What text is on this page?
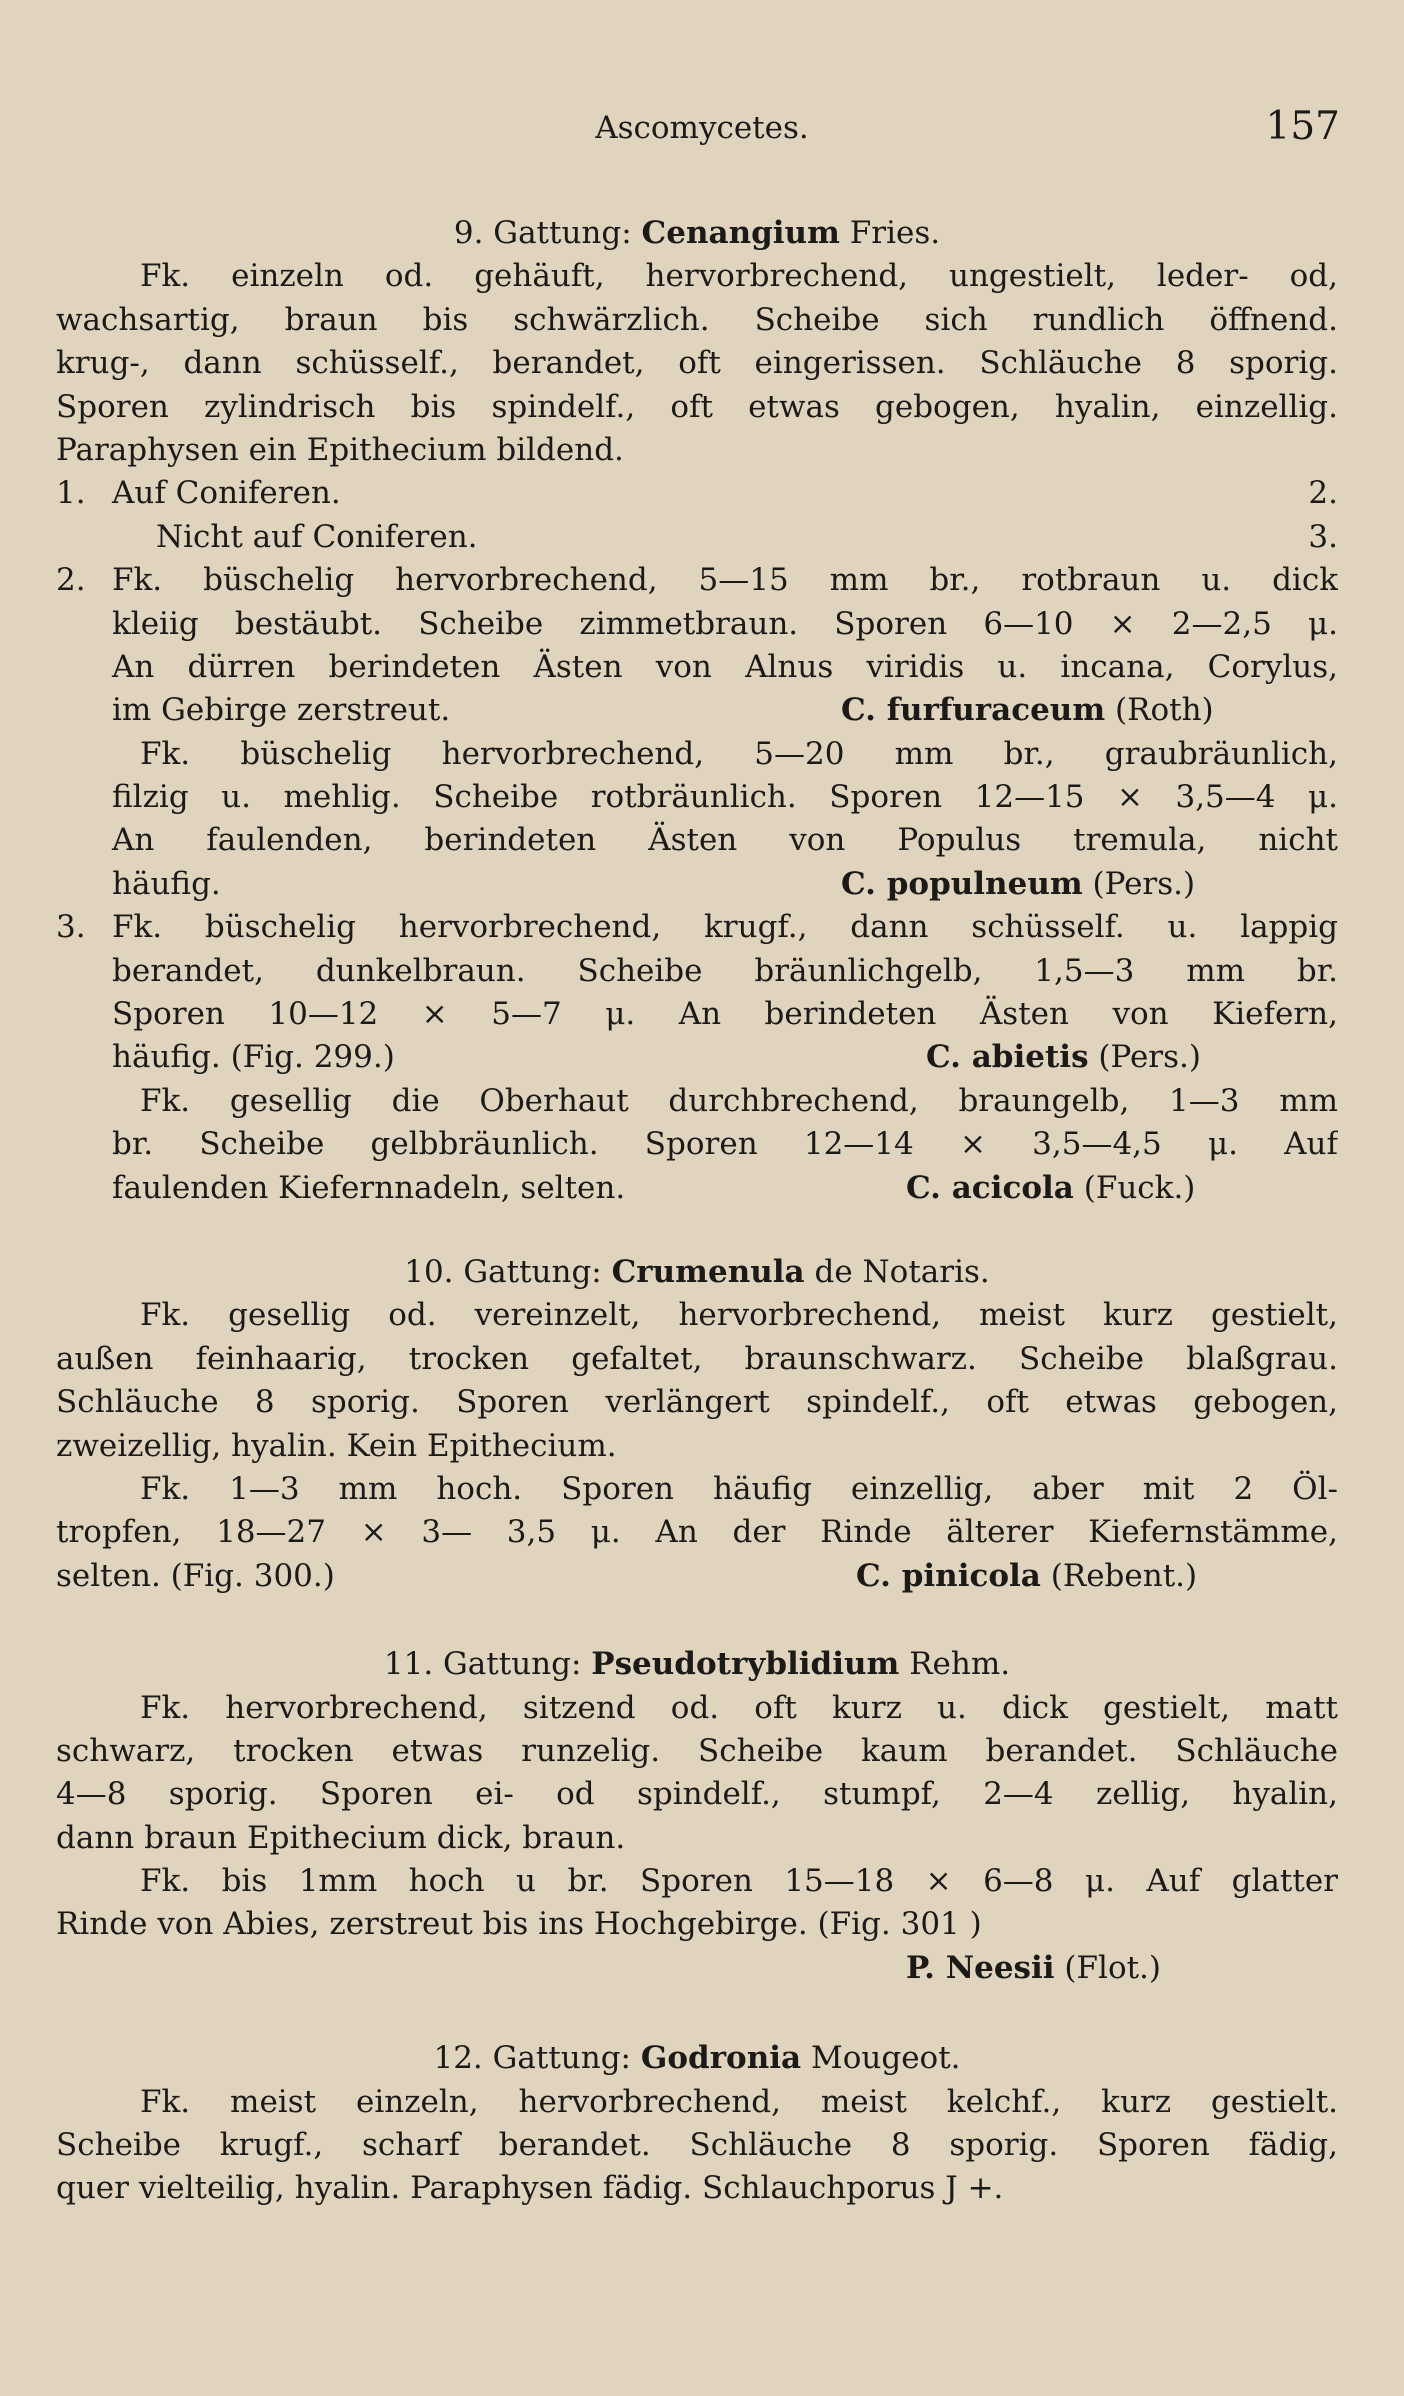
Ascomycetes.	157
9. Gattung: Cenangium Fries.
Fk. einzeln od. gehäuft, hervorbrechend, ungestielt, leder- od,
wachsartig, braun bis schwärzlich. Scheibe sich rundlich öffnend.
krug-, dann schüsself., berandet, oft eingerissen. Schläuche 8 sporig.
Sporen zylindrisch bis spindelf., oft etwas gebogen, hyalin, einzellig.
Paraphysen ein Epithecium bildend.
1. Auf Coniferen.	2.
Nicht auf Coniferen.	3.
2. Fk. büschelig hervorbrechend, 5—15 mm br., rotbraun u. dick
kleiig bestäubt. Scheibe zimmetbraun. Sporen 6—10 × 2—2,5 μ.
An dürren berindeten Ästen von Alnus viridis u. incana, Corylus,
im Gebirge zerstreut.	C. furfuraceum (Roth)
Fk. büschelig hervorbrechend, 5—20 mm br., graubräunlich,
filzig u. mehlig. Scheibe rotbräunlich. Sporen 12—15 × 3,5—4 μ.
An faulenden, berindeten Ästen von Populus tremula, nicht
häufig.	C. populneum (Pers.)
3. Fk. büschelig hervorbrechend, krugf., dann schüsself. u. lappig
berandet, dunkelbraun. Scheibe bräunlichgelb, 1,5—3 mm br.
Sporen 10—12 × 5—7 μ. An berindeten Ästen von Kiefern,
häufig. (Fig. 299.)	C. abietis (Pers.)
Fk. gesellig die Oberhaut durchbrechend, braungelb, 1—3 mm
br. Scheibe gelbbräunlich. Sporen 12—14 × 3,5—4,5 μ. Auf
faulenden Kiefernnadeln, selten.	C. acicola (Fuck.)
10. Gattung: Crumenula de Notaris.
Fk. gesellig od. vereinzelt, hervorbrechend, meist kurz gestielt,
außen feinhaarig, trocken gefaltet, braunschwarz. Scheibe blaßgrau.
Schläuche 8 sporig. Sporen verlängert spindelf., oft etwas gebogen,
zweizellig, hyalin. Kein Epithecium.
Fk. 1—3 mm hoch. Sporen häufig einzellig, aber mit 2 Öl-
tropfen, 18—27 × 3— 3,5 μ. An der Rinde älterer Kiefernstämme,
selten. (Fig. 300.)	C. pinicola (Rebent.)
11. Gattung: Pseudotryblidium Rehm.
Fk. hervorbrechend, sitzend od. oft kurz u. dick gestielt, matt
schwarz, trocken etwas runzelig. Scheibe kaum berandet. Schläuche
4—8 sporig. Sporen ei- od spindelf., stumpf, 2—4 zellig, hyalin,
dann braun Epithecium dick, braun.
Fk. bis 1mm hoch u br. Sporen 15—18 × 6—8 μ. Auf glatter
Rinde von Abies, zerstreut bis ins Hochgebirge. (Fig. 301 )
P. Neesii (Flot.)
12. Gattung: Godronia Mougeot.
Fk. meist einzeln, hervorbrechend, meist kelchf., kurz gestielt.
Scheibe krugf., scharf berandet. Schläuche 8 sporig. Sporen fädig,
quer vielteilig, hyalin. Paraphysen fädig. Schlauchporus J +.
